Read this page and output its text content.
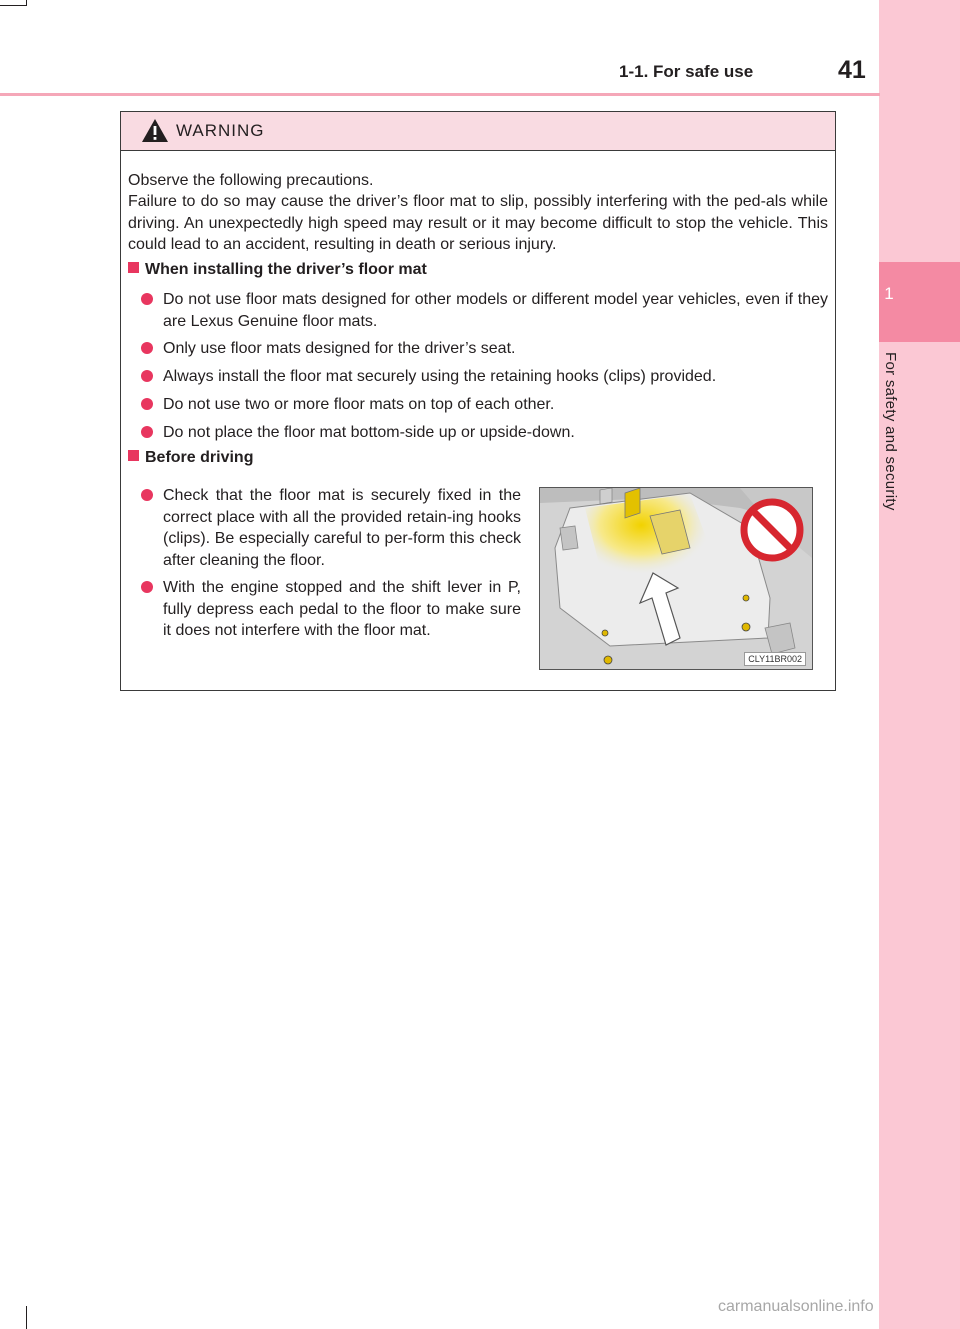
1
For safety and security
1-1. For safe use	41
WARNING
Observe the following precautions.
Failure to do so may cause the driver’s floor mat to slip, possibly interfering with the ped-als while driving. An unexpectedly high speed may result or it may become difficult to stop the vehicle. This could lead to an accident, resulting in death or serious injury.
When installing the driver’s floor mat
Do not use floor mats designed for other models or different model year vehicles, even if they are Lexus Genuine floor mats.
Only use floor mats designed for the driver’s seat.
Always install the floor mat securely using the retaining hooks (clips) provided.
Do not use two or more floor mats on top of each other.
Do not place the floor mat bottom-side up or upside-down.
Before driving
Check that the floor mat is securely fixed in the correct place with all the provided retain-ing hooks (clips). Be especially careful to per-form this check after cleaning the floor.
With the engine stopped and the shift lever in P, fully depress each pedal to the floor to make sure it does not interfere with the floor mat.
CLY11BR002
carmanualsonline.info
